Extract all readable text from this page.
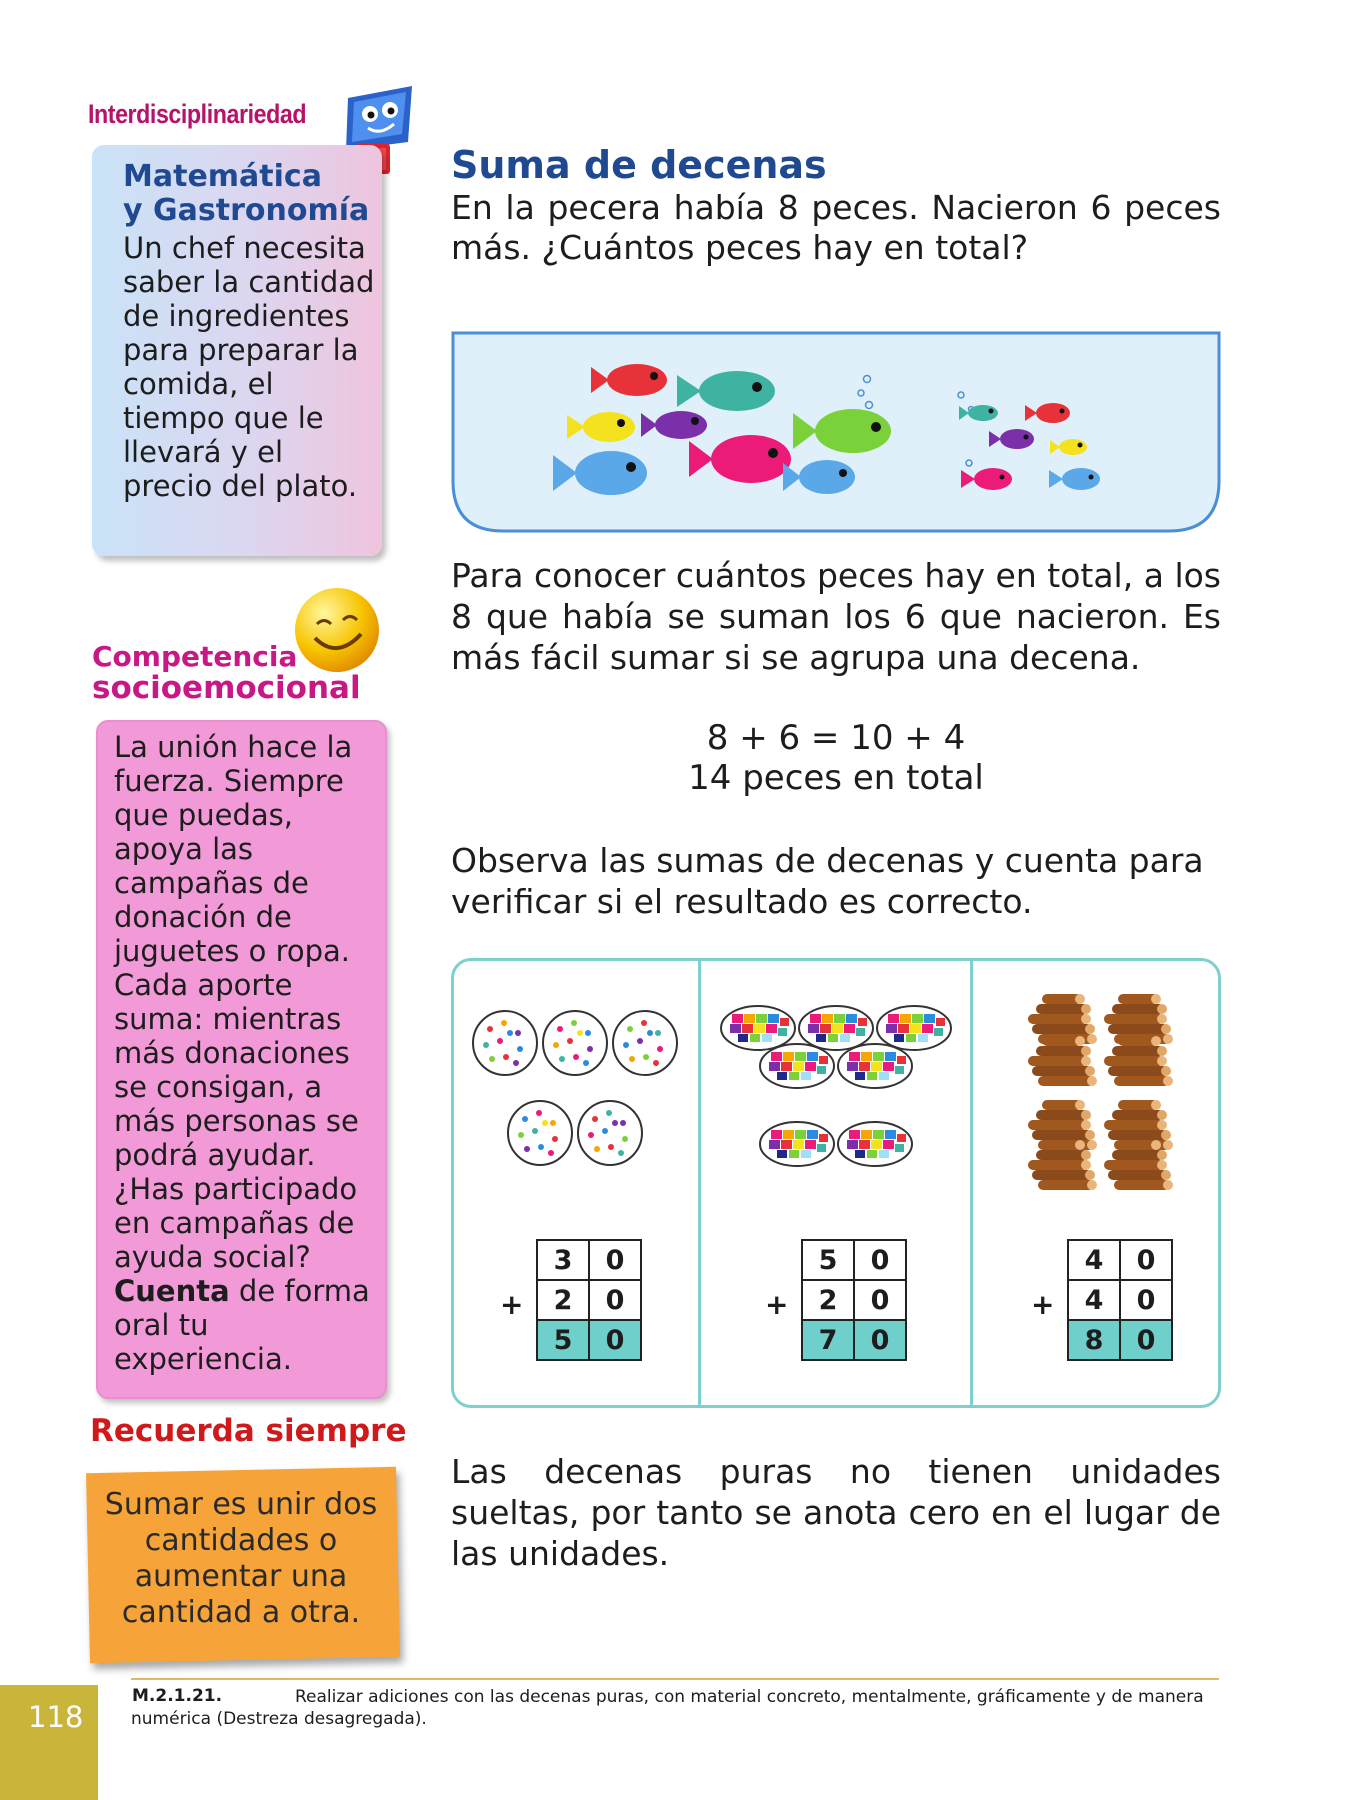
Interdisciplinariedad
Matemática
y Gastronomía
Un chef necesita saber la cantidad de ingredientes para preparar la comida, el tiempo que le llevará y el precio del plato.
Competencia
socioemocional
La unión hace la fuerza. Siempre que puedas, apoya las campañas de donación de juguetes o ropa. Cada aporte suma: mientras más donaciones se consigan, a más personas se podrá ayudar. ¿Has participado en campañas de ayuda social? Cuenta de forma oral tu experiencia.
Recuerda siempre
Sumar es unir dos cantidades o aumentar una cantidad a otra.
Suma de decenas
En la pecera había 8 peces. Nacieron 6 peces más. ¿Cuántos peces hay en total?
Para conocer cuántos peces hay en total, a los 8 que había se suman los 6 que nacieron. Es más fácil sumar si se agrupa una decena.
8 + 6 = 10 + 4
14 peces en total
Observa las sumas de decenas y cuenta para verificar si el resultado es correcto.
+
3	0
2	0
5	0
+
5	0
2	0
7	0
+
4	0
4	0
8	0
Las decenas puras no tienen unidades sueltas, por tanto se anota cero en el lugar de las unidades.
118
M.2.1.21.	Realizar adiciones con las decenas puras, con material concreto, mentalmente, gráficamente y de manera numérica (Destreza desagregada).
